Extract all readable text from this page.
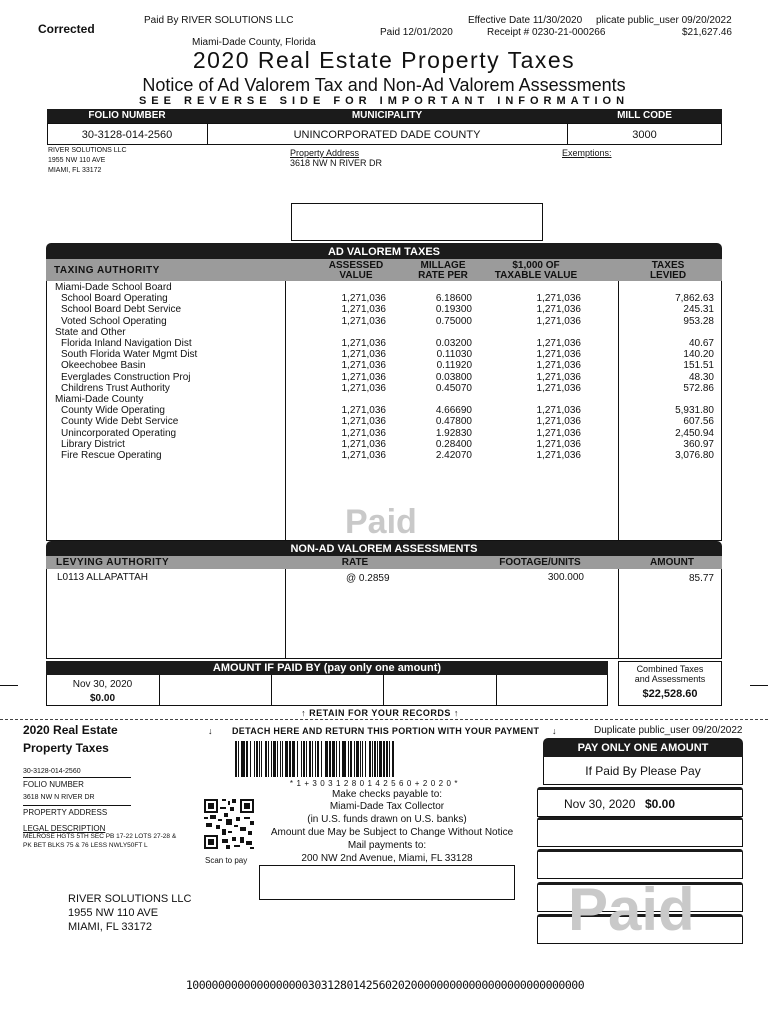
Corrected
Paid By RIVER SOLUTIONS LLC
Miami-Dade County, Florida
Paid 12/01/2020
Effective Date 11/30/2020 plicate public_user 09/20/2022
Receipt # 0230-21-000266	$21,627.46
2020 Real Estate Property Taxes
Notice of Ad Valorem Tax and Non-Ad Valorem Assessments
SEE REVERSE SIDE FOR IMPORTANT INFORMATION
FOLIO NUMBER	MUNICIPALITY	MILL CODE
30-3128-014-2560	UNINCORPORATED DADE COUNTY	3000
RIVER SOLUTIONS LLC
1955 NW 110 AVE
MIAMI, FL 33172
Property Address
3618 NW N RIVER DR
Exemptions:
AD VALOREM TAXES
TAXING AUTHORITY	ASSESSED
VALUE
MILLAGE
RATE PER
$1,000 OF
TAXABLE VALUE
TAXES
LEVIED
Miami-Dade School Board
School Board Operating	1,271,036	6.18600	1,271,036	7,862.63
School Board Debt Service	1,271,036	0.19300	1,271,036	245.31
Voted School Operating	1,271,036	0.75000	1,271,036	953.28
State and Other
Florida Inland Navigation Dist	1,271,036	0.03200	1,271,036	40.67
South Florida Water Mgmt Dist	1,271,036	0.11030	1,271,036	140.20
Okeechobee Basin	1,271,036	0.11920	1,271,036	151.51
Everglades Construction Proj	1,271,036	0.03800	1,271,036	48.30
Childrens Trust Authority	1,271,036	0.45070	1,271,036	572.86
Miami-Dade County
County Wide Operating	1,271,036	4.66690	1,271,036	5,931.80
County Wide Debt Service	1,271,036	0.47800	1,271,036	607.56
Unincorporated Operating	1,271,036	1.92830	1,271,036	2,450.94
Library District	1,271,036	0.28400	1,271,036	360.97
Fire Rescue Operating	1,271,036	2.42070	1,271,036	3,076.80
Paid
NON-AD VALOREM ASSESSMENTS
LEVYING AUTHORITY	RATE	FOOTAGE/UNITS	AMOUNT
L0113 ALLAPATTAH	@ 0.2859	300.000	85.77
AMOUNT IF PAID BY (pay only one amount)
Nov 30, 2020
$0.00
Combined Taxes
and Assessments
$22,528.60
↑ RETAIN FOR YOUR RECORDS ↑
2020 Real Estate
Property Taxes
↓ DETACH HERE AND RETURN THIS PORTION WITH YOUR PAYMENT ↓	Duplicate public_user 09/20/2022
30-3128-014-2560
FOLIO NUMBER
3618 NW N RIVER DR
PROPERTY ADDRESS
LEGAL DESCRIPTION
MELROSE HGTS 5TH SEC PB 17-22 LOTS 27-28 &
PK BET BLKS 75 & 76 LESS NWLY50FT L
* 1 + 3 0 3 1 2 8 0 1 4 2 5 6 0 + 2 0 2 0 *
Make checks payable to:
Miami-Dade Tax Collector
(in U.S. funds drawn on U.S. banks)
Amount due May be Subject to Change Without Notice
Mail payments to:
200 NW 2nd Avenue, Miami, FL 33128
Scan to pay
PAY ONLY ONE AMOUNT
If Paid By Please Pay
Nov 30, 2020 $0.00
Paid
RIVER SOLUTIONS LLC
1955 NW 110 AVE
MIAMI, FL 33172
10000000000000000003031280142560202000000000000000000000000000
